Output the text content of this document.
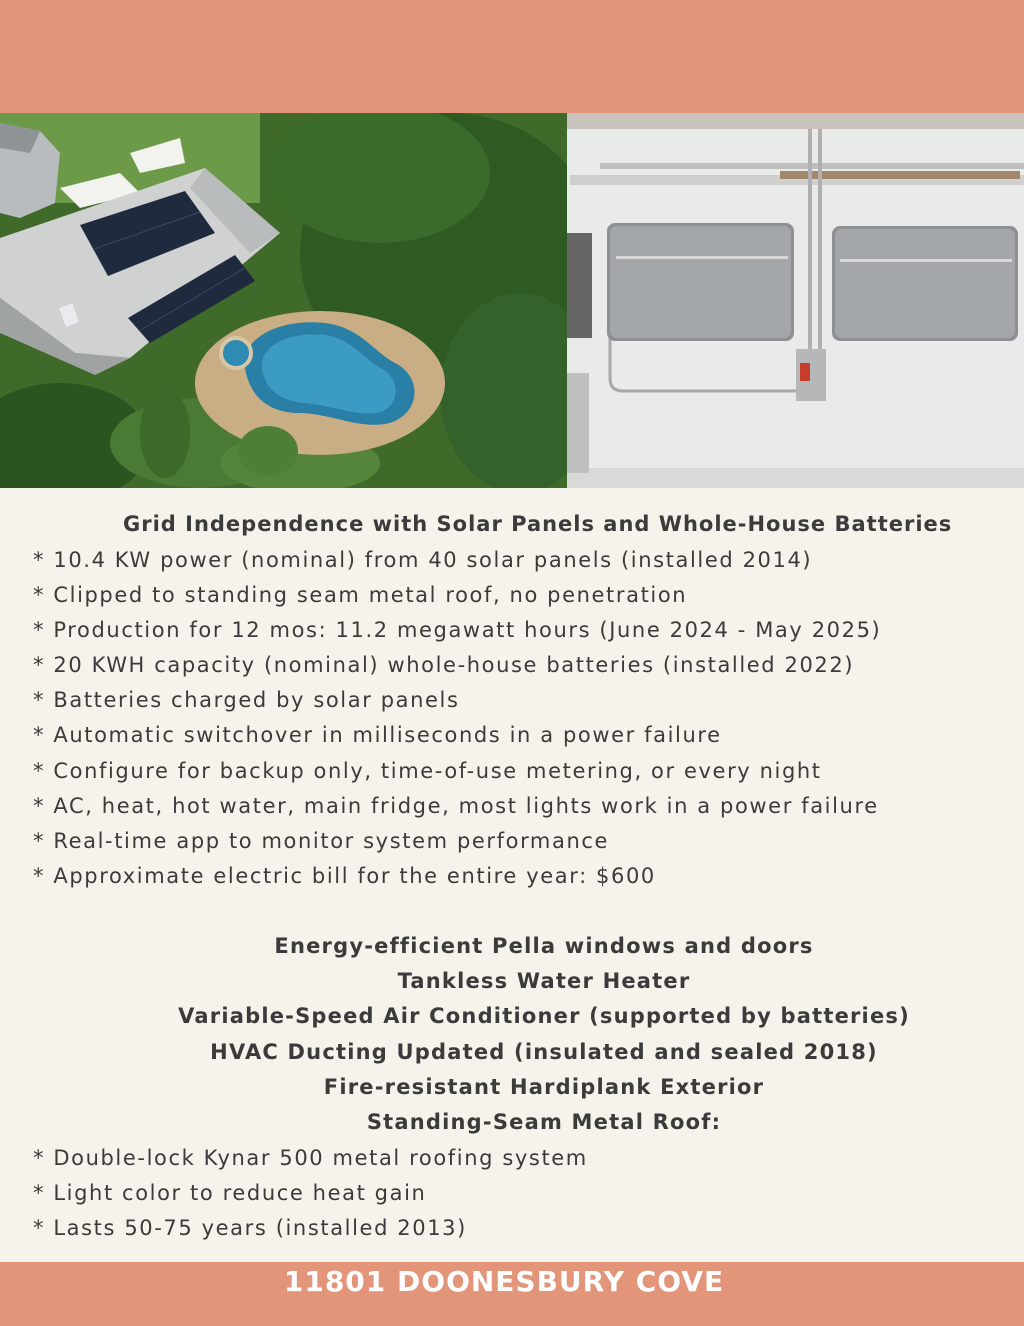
Grid Independence with Solar Panels and Whole-House Batteries
* 10.4 KW power (nominal) from 40 solar panels (installed 2014)
* Clipped to standing seam metal roof, no penetration
* Production for 12 mos: 11.2 megawatt hours (June 2024 - May 2025)
* 20 KWH capacity (nominal) whole-house batteries (installed 2022)
* Batteries charged by solar panels
* Automatic switchover in milliseconds in a power failure
* Configure for backup only, time-of-use metering, or every night
* AC, heat, hot water, main fridge, most lights work in a power failure
* Real-time app to monitor system performance
* Approximate electric bill for the entire year: $600
Energy-efficient Pella windows and doors
Tankless Water Heater
Variable-Speed Air Conditioner (supported by batteries)
HVAC Ducting Updated (insulated and sealed 2018)
Fire-resistant Hardiplank Exterior
Standing-Seam Metal Roof:
* Double-lock Kynar 500 metal roofing system
* Light color to reduce heat gain
* Lasts 50-75 years (installed 2013)
11801 DOONESBURY COVE
